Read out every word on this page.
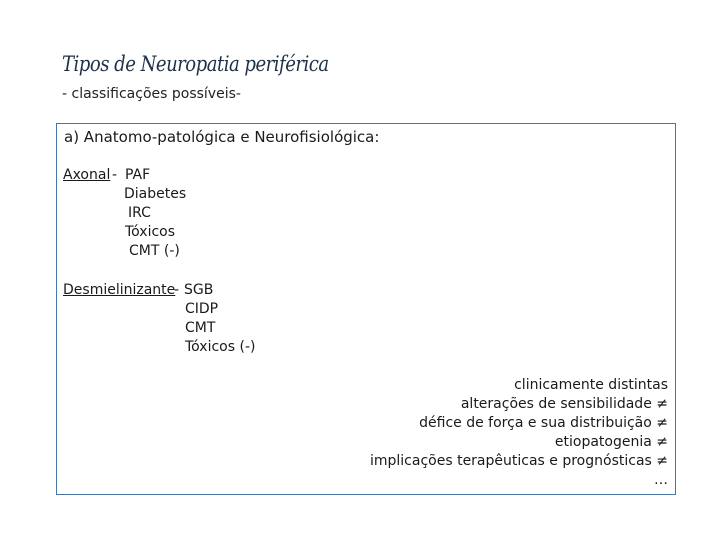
Tipos de Neuropatia periférica
- classificações possíveis-
a) Anatomo-patológica e Neurofisiológica:
Axonal - PAF
Diabetes
IRC
Tóxicos
CMT (-)
Desmielinizante
- SGB
CIDP
CMT
Tóxicos (-)
clinicamente distintas
alterações de sensibilidade ≠
défice de força e sua distribuição ≠
etiopatogenia ≠
implicações terapêuticas e prognósticas ≠
…
